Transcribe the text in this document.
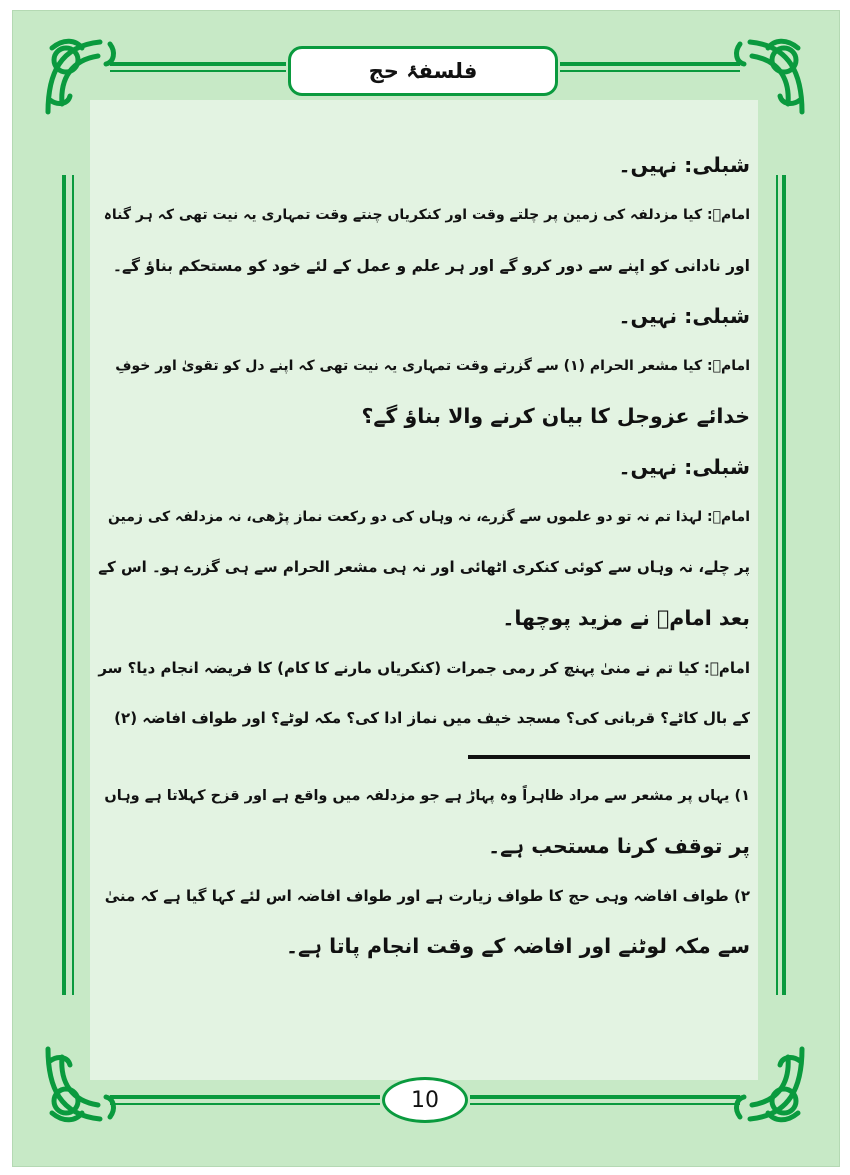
فلسفۂ حج
شبلی: نہیں۔
امامؑ: کیا مزدلفہ کی زمین پر چلتے وقت اور کنکریاں چنتے وقت تمہاری یہ نیت تھی کہ ہر گناہ
اور نادانی کو اپنے سے دور کرو گے اور ہر علم و عمل کے لئے خود کو مستحکم بناؤ گے۔
شبلی: نہیں۔
امامؑ: کیا مشعر الحرام (۱) سے گزرتے وقت تمہاری یہ نیت تھی کہ اپنے دل کو تقویٰ اور خوفِ
خدائے عزوجل کا بیان کرنے والا بناؤ گے؟
شبلی: نہیں۔
امامؑ: لہذا تم نہ تو دو علموں سے گزرے، نہ وہاں کی دو رکعت نماز پڑھی، نہ مزدلفہ کی زمین
پر چلے، نہ وہاں سے کوئی کنکری اٹھائی اور نہ ہی مشعر الحرام سے ہی گزرے ہو۔ اس کے
بعد امامؑ نے مزید پوچھا۔
امامؑ: کیا تم نے منیٰ پہنچ کر رمی جمرات (کنکریاں مارنے کا کام) کا فریضہ انجام دیا؟ سر
کے بال کاٹے؟ قربانی کی؟ مسجد خیف میں نماز ادا کی؟ مکہ لوٹے؟ اور طواف افاضہ (۲)
۱) یہاں پر مشعر سے مراد ظاہراً وہ پہاڑ ہے جو مزدلفہ میں واقع ہے اور قزح کہلاتا ہے وہاں
پر توقف کرنا مستحب ہے۔
۲) طواف افاضہ وہی حج کا طواف زیارت ہے اور طواف افاضہ اس لئے کہا گیا ہے کہ منیٰ
سے مکہ لوٹنے اور افاضہ کے وقت انجام پاتا ہے۔
10
